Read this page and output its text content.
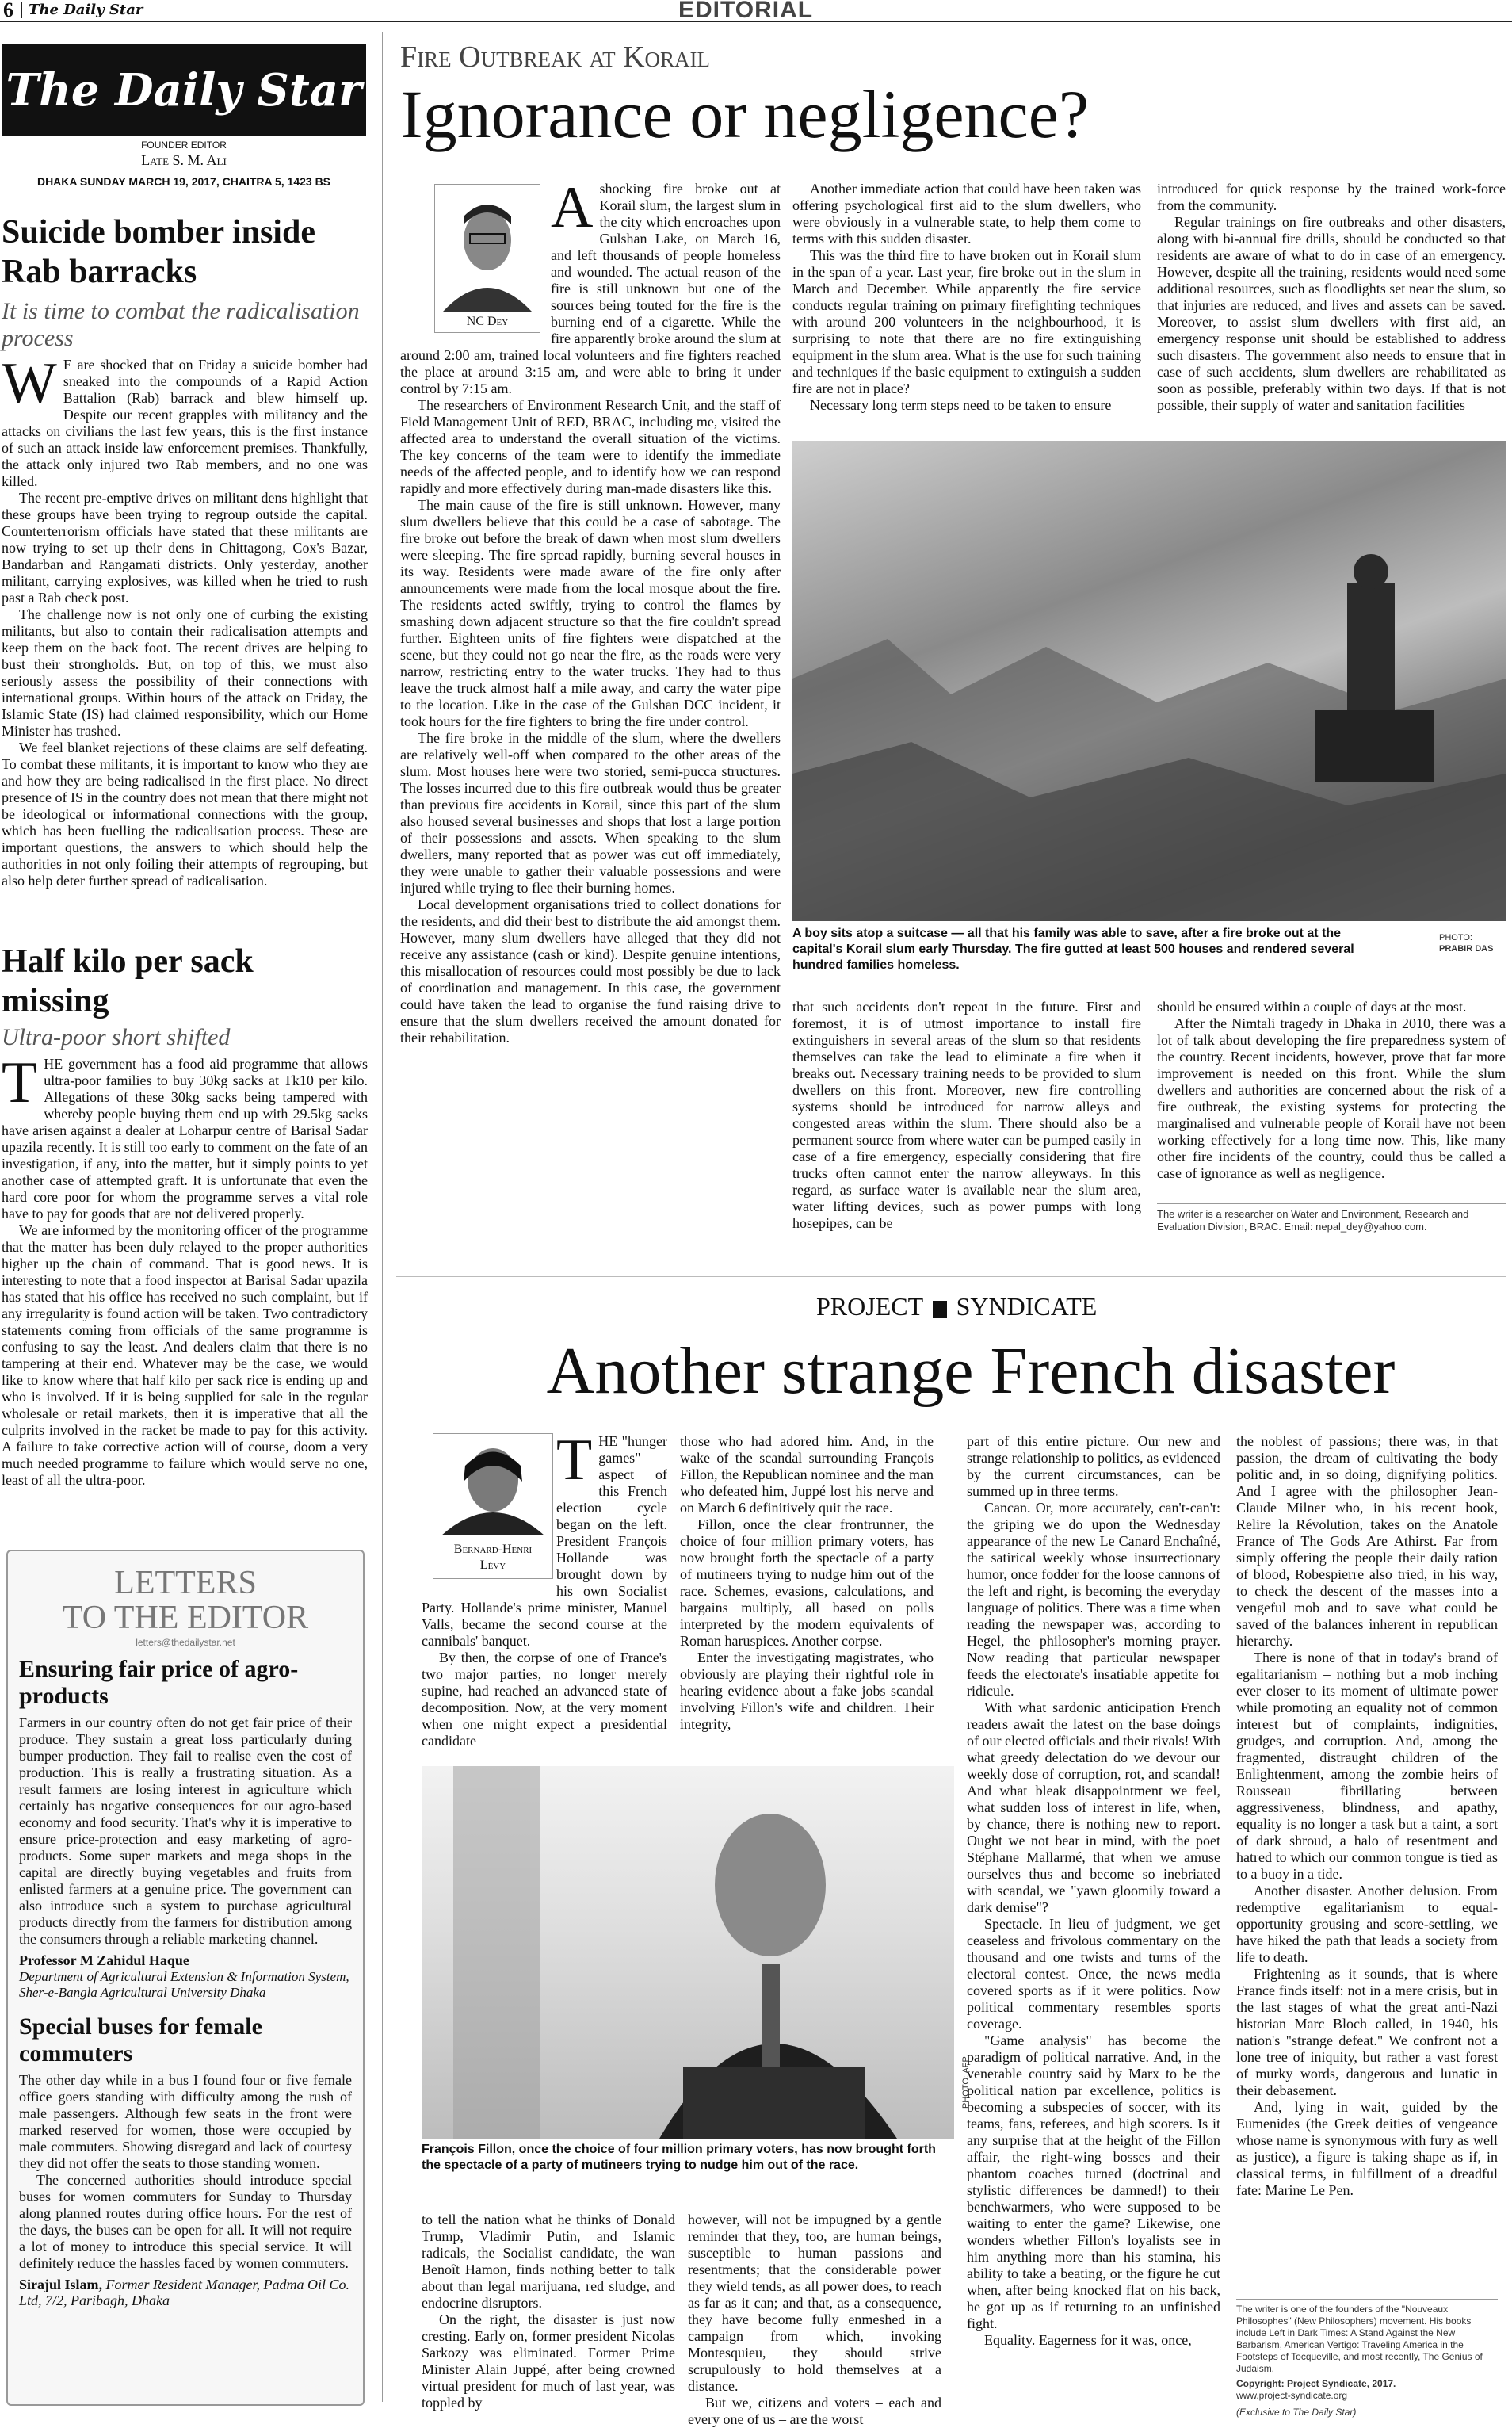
6	The Daily Star	EDITORIAL
The Daily Star
FOUNDER EDITOR
Late S. M. Ali
DHAKA SUNDAY MARCH 19, 2017, CHAITRA 5, 1423 BS
Suicide bomber inside Rab barracks
It is time to combat the radicalisation process
W E are shocked that on Friday a suicide bomber had sneaked into the compounds of a Rapid Action Battalion (Rab) barrack and blew himself up. Despite our recent grapples with militancy and the attacks on civilians the last few years, this is the first instance of such an attack inside law enforcement premises. Thankfully, the attack only injured two Rab members, and no one was killed.

The recent pre-emptive drives on militant dens highlight that these groups have been trying to regroup outside the capital. Counterterrorism officials have stated that these militants are now trying to set up their dens in Chittagong, Cox's Bazar, Bandarban and Rangamati districts. Only yesterday, another militant, carrying explosives, was killed when he tried to rush past a Rab check post.

The challenge now is not only one of curbing the existing militants, but also to contain their radicalisation attempts and keep them on the back foot. The recent drives are helping to bust their strongholds. But, on top of this, we must also seriously assess the possibility of their connections with international groups. Within hours of the attack on Friday, the Islamic State (IS) had claimed responsibility, which our Home Minister has trashed.

We feel blanket rejections of these claims are self defeating. To combat these militants, it is important to know who they are and how they are being radicalised in the first place. No direct presence of IS in the country does not mean that there might not be ideological or informational connections with the group, which has been fuelling the radicalisation process. These are important questions, the answers to which should help the authorities in not only foiling their attempts of regrouping, but also help deter further spread of radicalisation.

Half kilo per sack missing
Ultra-poor short shifted
T HE government has a food aid programme that allows ultra-poor families to buy 30kg sacks at Tk10 per kilo. Allegations of these 30kg sacks being tampered with whereby people buying them end up with 29.5kg sacks have arisen against a dealer at Loharpur centre of Barisal Sadar upazila recently. It is still too early to comment on the fate of an investigation, if any, into the matter, but it simply points to yet another case of attempted graft. It is unfortunate that even the hard core poor for whom the programme serves a vital role have to pay for goods that are not delivered properly.

We are informed by the monitoring officer of the programme that the matter has been duly relayed to the proper authorities higher up the chain of command. That is good news. It is interesting to note that a food inspector at Barisal Sadar upazila has stated that his office has received no such complaint, but if any irregularity is found action will be taken. Two contradictory statements coming from officials of the same programme is confusing to say the least. And dealers claim that there is no tampering at their end. Whatever may be the case, we would like to know where that half kilo per sack rice is ending up and who is involved. If it is being supplied for sale in the regular wholesale or retail markets, then it is imperative that all the culprits involved in the racket be made to pay for this activity. A failure to take corrective action will of course, doom a very much needed programme to failure which would serve no one, least of all the ultra-poor.

LETTERS
TO THE EDITOR
letters@thedailystar.net
Ensuring fair price of agro-products
Farmers in our country often do not get fair price of their produce. They sustain a great loss particularly during bumper production. They fail to realise even the cost of production. This is really a frustrating situation. As a result farmers are losing interest in agriculture which certainly has negative consequences for our agro-based economy and food security. That's why it is imperative to ensure price-protection and easy marketing of agro-products. Some super markets and mega shops in the capital are directly buying vegetables and fruits from enlisted farmers at a genuine price. The government can also introduce such a system to purchase agricultural products directly from the farmers for distribution among the consumers through a reliable marketing channel.
Professor M Zahidul Haque
Department of Agricultural Extension & Information System, Sher-e-Bangla Agricultural University Dhaka
Special buses for female commuters

The other day while in a bus I found four or five female office goers standing with difficulty among the rush of male passengers. Although few seats in the front were marked reserved for women, those were occupied by male commuters. Showing disregard and lack of courtesy they did not offer the seats to those standing women.

The concerned authorities should introduce special buses for women commuters for Sunday to Thursday along planned routes during office hours. For the rest of the days, the buses can be open for all. It will not require a lot of money to introduce this special service. It will definitely reduce the hassles faced by women commuters.

Sirajul Islam, Former Resident Manager, Padma Oil Co. Ltd, 7/2, Paribagh, Dhaka
Fire Outbreak at Korail
Ignorance or negligence?
NC Dey
A shocking fire broke out at Korail slum, the largest slum in the city which encroaches upon Gulshan Lake, on March 16, and left thousands of people homeless and wounded. The actual reason of the fire is still unknown but one of the sources being touted for the fire is the burning end of a cigarette. While the fire apparently broke around the slum at around 2:00 am, trained local volunteers and fire fighters reached the place at around 3:15 am, and were able to bring it under control by 7:15 am.

The researchers of Environment Research Unit, and the staff of Field Management Unit of RED, BRAC, including me, visited the affected area to understand the overall situation of the victims. The key concerns of the team were to identify the immediate needs of the affected people, and to identify how we can respond rapidly and more effectively during man-made disasters like this.

The main cause of the fire is still unknown. However, many slum dwellers believe that this could be a case of sabotage. The fire broke out before the break of dawn when most slum dwellers were sleeping. The fire spread rapidly, burning several houses in its way. Residents were made aware of the fire only after announcements were made from the local mosque about the fire. The residents acted swiftly, trying to control the flames by smashing down adjacent structure so that the fire couldn't spread further. Eighteen units of fire fighters were dispatched at the scene, but they could not go near the fire, as the roads were very narrow, restricting entry to the water trucks. They had to thus leave the truck almost half a mile away, and carry the water pipe to the location. Like in the case of the Gulshan DCC incident, it took hours for the fire fighters to bring the fire under control.

The fire broke in the middle of the slum, where the dwellers are relatively well-off when compared to the other areas of the slum. Most houses here were two storied, semi-pucca structures. The losses incurred due to this fire outbreak would thus be greater than previous fire accidents in Korail, since this part of the slum also housed several businesses and shops that lost a large portion of their possessions and assets. When speaking to the slum dwellers, many reported that as power was cut off immediately, they were unable to gather their valuable possessions and were injured while trying to flee their burning homes.

Local development organisations tried to collect donations for the residents, and did their best to distribute the aid amongst them. However, many slum dwellers have alleged that they did not receive any assistance (cash or kind). Despite genuine intentions, this misallocation of resources could most possibly be due to lack of coordination and management. In this case, the government could have taken the lead to organise the fund raising drive to ensure that the slum dwellers received the amount donated for their rehabilitation.

Another immediate action that could have been taken was offering psychological first aid to the slum dwellers, who were obviously in a vulnerable state, to help them come to terms with this sudden disaster.

This was the third fire to have broken out in Korail slum in the span of a year. Last year, fire broke out in the slum in March and December. While apparently the fire service conducts regular training on primary firefighting techniques with around 200 volunteers in the neighbourhood, it is surprising to note that there are no fire extinguishing equipment in the slum area. What is the use for such training and techniques if the basic equipment to extinguish a sudden fire are not in place?

Necessary long term steps need to be taken to ensure

introduced for quick response by the trained work-force from the community.

Regular trainings on fire outbreaks and other disasters, along with bi-annual fire drills, should be conducted so that residents are aware of what to do in case of an emergency. However, despite all the training, residents would need some additional resources, such as floodlights set near the slum, so that injuries are reduced, and lives and assets can be saved. Moreover, to assist slum dwellers with first aid, an emergency response unit should be established to address such disasters. The government also needs to ensure that in case of such accidents, slum dwellers are rehabilitated as soon as possible, preferably within two days. If that is not possible, their supply of water and sanitation facilities

A boy sits atop a suitcase — all that his family was able to save, after a fire broke out at the capital's Korail slum early Thursday. The fire gutted at least 500 houses and rendered several hundred families homeless.
PHOTO:
PRABIR DAS

that such accidents don't repeat in the future. First and foremost, it is of utmost importance to install fire extinguishers in several areas of the slum so that residents themselves can take the lead to eliminate a fire when it breaks out. Necessary training needs to be provided to slum dwellers on this front. Moreover, new fire controlling systems should be introduced for narrow alleys and congested areas within the slum. There should also be a permanent source from where water can be pumped easily in case of a fire emergency, especially considering that fire trucks often cannot enter the narrow alleyways. In this regard, as surface water is available near the slum area, water lifting devices, such as power pumps with long hosepipes, can be

should be ensured within a couple of days at the most.

After the Nimtali tragedy in Dhaka in 2010, there was a lot of talk about developing the fire preparedness system of the country. Recent incidents, however, prove that far more improvement is needed on this front. While the slum dwellers and authorities are concerned about the risk of a fire outbreak, the existing systems for protecting the marginalised and vulnerable people of Korail have not been working effectively for a long time now. This, like many other fire incidents of the country, could thus be called a case of ignorance as well as negligence.

The writer is a researcher on Water and Environment, Research and Evaluation Division, BRAC. Email: nepal_dey@yahoo.com.
PROJECT SYNDICATE
Another strange French disaster
Bernard-Henri Lévy
T HE "hunger games" aspect of this French election cycle began on the left. President François Hollande was brought down by his own Socialist Party. Hollande's prime minister, Manuel Valls, became the second course at the cannibals' banquet.

By then, the corpse of one of France's two major parties, no longer merely supine, had reached an advanced state of decomposition. Now, at the very moment when one might expect a presidential candidate

those who had adored him. And, in the wake of the scandal surrounding François Fillon, the Republican nominee and the man who defeated him, Juppé lost his nerve and on March 6 definitively quit the race.

Fillon, once the clear frontrunner, the choice of four million primary voters, has now brought forth the spectacle of a party of mutineers trying to nudge him out of the race. Schemes, evasions, calculations, and bargains multiply, all based on polls interpreted by the modern equivalents of Roman haruspices. Another corpse.

Enter the investigating magistrates, who obviously are playing their rightful role in hearing evidence about a fake jobs scandal involving Fillon's wife and children. Their integrity,

PHOTO: AFP
François Fillon, once the choice of four million primary voters, has now brought forth the spectacle of a party of mutineers trying to nudge him out of the race.

to tell the nation what he thinks of Donald Trump, Vladimir Putin, and Islamic radicals, the Socialist candidate, the wan Benoît Hamon, finds nothing better to talk about than legal marijuana, red sludge, and endocrine disruptors.

On the right, the disaster is just now cresting. Early on, former president Nicolas Sarkozy was eliminated. Former Prime Minister Alain Juppé, after being crowned virtual president for much of last year, was toppled by

however, will not be impugned by a gentle reminder that they, too, are human beings, susceptible to human passions and resentments; that the considerable power they wield tends, as all power does, to reach as far as it can; and that, as a consequence, they have become fully enmeshed in a campaign from which, invoking Montesquieu, they should strive scrupulously to hold themselves at a distance.

But we, citizens and voters – each and every one of us – are the worst

part of this entire picture. Our new and strange relationship to politics, as evidenced by the current circumstances, can be summed up in three terms.

Cancan. Or, more accurately, can't-can't: the griping we do upon the Wednesday appearance of the new Le Canard Enchaîné, the satirical weekly whose insurrectionary humor, once fodder for the loose cannons of the left and right, is becoming the everyday language of politics. There was a time when reading the newspaper was, according to Hegel, the philosopher's morning prayer. Now reading that particular newspaper feeds the electorate's insatiable appetite for ridicule.

With what sardonic anticipation French readers await the latest on the base doings of our elected officials and their rivals! With what greedy delectation do we devour our weekly dose of corruption, rot, and scandal! And what bleak disappointment we feel, what sudden loss of interest in life, when, by chance, there is nothing new to report. Ought we not bear in mind, with the poet Stéphane Mallarmé, that when we amuse ourselves thus and become so inebriated with scandal, we "yawn gloomily toward a dark demise"?

Spectacle. In lieu of judgment, we get ceaseless and frivolous commentary on the thousand and one twists and turns of the electoral contest. Once, the news media covered sports as if it were politics. Now political commentary resembles sports coverage.

"Game analysis" has become the paradigm of political narrative. And, in the venerable country said by Marx to be the political nation par excellence, politics is becoming a subspecies of soccer, with its teams, fans, referees, and high scorers. Is it any surprise that at the height of the Fillon affair, the right-wing bosses and their phantom coaches turned (doctrinal and stylistic differences be damned!) to their benchwarmers, who were supposed to be waiting to enter the game? Likewise, one wonders whether Fillon's loyalists see in him anything more than his stamina, his ability to take a beating, or the figure he cut when, after being knocked flat on his back, he got up as if returning to an unfinished fight.

Equality. Eagerness for it was, once,

the noblest of passions; there was, in that passion, the dream of cultivating the body politic and, in so doing, dignifying politics. And I agree with the philosopher Jean-Claude Milner who, in his recent book, Relire la Révolution, takes on the Anatole France of The Gods Are Athirst. Far from simply offering the people their daily ration of blood, Robespierre also tried, in his way, to check the descent of the masses into a vengeful mob and to save what could be saved of the balances inherent in republican hierarchy.

There is none of that in today's brand of egalitarianism – nothing but a mob inching ever closer to its moment of ultimate power while promoting an equality not of common interest but of complaints, indignities, grudges, and corruption. And, among the fragmented, distraught children of the Enlightenment, among the zombie heirs of Rousseau fibrillating between aggressiveness, blindness, and apathy, equality is no longer a task but a taint, a sort of dark shroud, a halo of resentment and hatred to which our common tongue is tied as to a buoy in a tide.

Another disaster. Another delusion. From redemptive egalitarianism to equal-opportunity grousing and score-settling, we have hiked the path that leads a society from life to death.

Frightening as it sounds, that is where France finds itself: not in a mere crisis, but in the last stages of what the great anti-Nazi historian Marc Bloch called, in 1940, his nation's "strange defeat." We confront not a lone tree of iniquity, but rather a vast forest of murky words, dangerous and lunatic in their debasement.

And, lying in wait, guided by the Eumenides (the Greek deities of vengeance whose name is synonymous with fury as well as justice), a figure is taking shape as if, in classical terms, in fulfillment of a dreadful fate: Marine Le Pen.

The writer is one of the founders of the "Nouveaux Philosophes" (New Philosophers) movement. His books include Left in Dark Times: A Stand Against the New Barbarism, American Vertigo: Traveling America in the Footsteps of Tocqueville, and most recently, The Genius of Judaism.
Copyright: Project Syndicate, 2017.
www.project-syndicate.org
(Exclusive to The Daily Star)
